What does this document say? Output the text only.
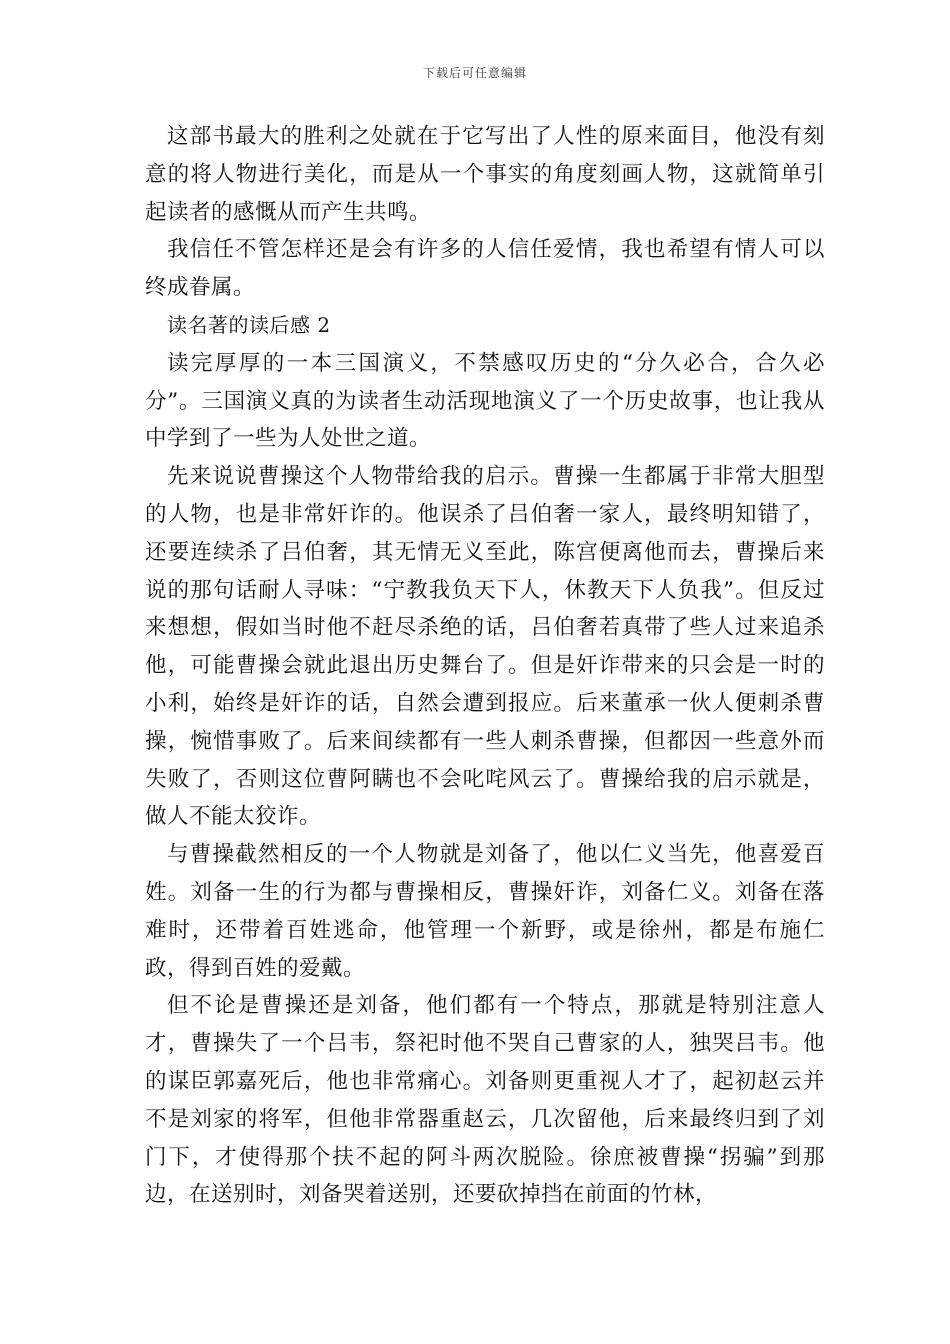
下载后可任意编辑

这部书最大的胜利之处就在于它写出了人性的原来面目，他没有刻意的将人物进行美化，而是从一个事实的角度刻画人物，这就简单引起读者的感慨从而产生共鸣。

我信任不管怎样还是会有许多的人信任爱情，我也希望有情人可以终成眷属。

读名著的读后感 2

读完厚厚的一本三国演义，不禁感叹历史的“分久必合，合久必分”。三国演义真的为读者生动活现地演义了一个历史故事，也让我从中学到了一些为人处世之道。

先来说说曹操这个人物带给我的启示。曹操一生都属于非常大胆型的人物，也是非常奸诈的。他误杀了吕伯奢一家人，最终明知错了，还要连续杀了吕伯奢，其无情无义至此，陈宫便离他而去，曹操后来说的那句话耐人寻味：“宁教我负天下人，休教天下人负我”。但反过来想想，假如当时他不赶尽杀绝的话，吕伯奢若真带了些人过来追杀他，可能曹操会就此退出历史舞台了。但是奸诈带来的只会是一时的小利，始终是奸诈的话，自然会遭到报应。后来董承一伙人便刺杀曹操，惋惜事败了。后来间续都有一些人刺杀曹操，但都因一些意外而失败了，否则这位曹阿瞒也不会叱咤风云了。曹操给我的启示就是，做人不能太狡诈。

与曹操截然相反的一个人物就是刘备了，他以仁义当先，他喜爱百姓。刘备一生的行为都与曹操相反，曹操奸诈，刘备仁义。刘备在落难时，还带着百姓逃命，他管理一个新野，或是徐州，都是布施仁政，得到百姓的爱戴。

但不论是曹操还是刘备，他们都有一个特点，那就是特别注意人才，曹操失了一个吕韦，祭祀时他不哭自己曹家的人，独哭吕韦。他的谋臣郭嘉死后，他也非常痛心。刘备则更重视人才了，起初赵云并不是刘家的将军，但他非常器重赵云，几次留他，后来最终归到了刘门下，才使得那个扶不起的阿斗两次脱险。徐庶被曹操“拐骗”到那边，在送别时，刘备哭着送别，还要砍掉挡在前面的竹林，
